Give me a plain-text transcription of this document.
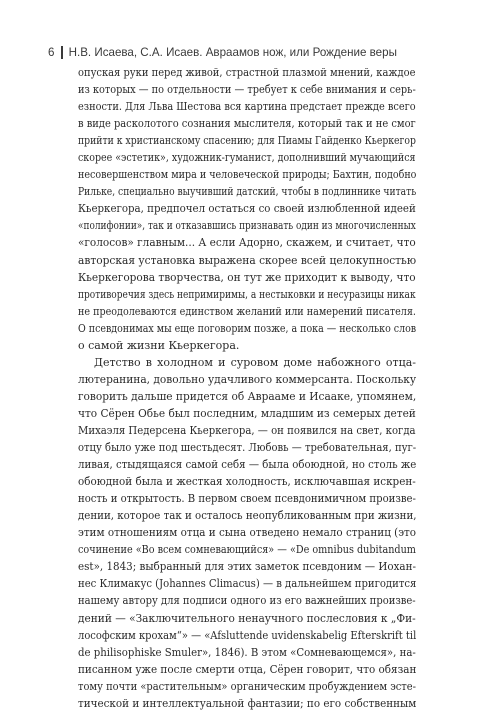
6	Н.В. Исаева, С.А. Исаев. Авраамов нож, или Рождение веры
опуская руки перед живой, страстной плазмой мнений, каждое
из которых — по отдельности — требует к себе внимания и серь-
езности. Для Льва Шестова вся картина предстает прежде всего
в виде расколотого сознания мыслителя, который так и не смог
прийти к христианскому спасению; для Пиамы Гайденко Кьеркегор
скорее «эстетик», художник-гуманист, дополнивший мучающийся
несовершенством мира и человеческой природы; Бахтин, подобно
Рильке, специально выучивший датский, чтобы в подлиннике читать
Кьеркегора, предпочел остаться со своей излюбленной идеей
«полифонии», так и отказавшись признавать один из многочисленных
«голосов» главным... А если Адорно, скажем, и считает, что
авторская установка выражена скорее всей целокупностью
Кьеркегорова творчества, он тут же приходит к выводу, что
противоречия здесь непримиримы, а нестыковки и несуразицы никак
не преодолеваются единством желаний или намерений писателя.
О псевдонимах мы еще поговорим позже, а пока — несколько слов
о самой жизни Кьеркегора.
Детство в холодном и суровом доме набожного отца-
лютеранина, довольно удачливого коммерсанта. Поскольку
говорить дальше придется об Аврааме и Исааке, упомянем,
что Сёрен Обье был последним, младшим из семерых детей
Михаэля Педерсена Кьеркегора, — он появился на свет, когда
отцу было уже под шестьдесят. Любовь — требовательная, пуг-
ливая, стыдящаяся самой себя — была обоюдной, но столь же
обоюдной была и жесткая холодность, исключавшая искрен-
ность и открытость. В первом своем псевдонимичном произве-
дении, которое так и осталось неопубликованным при жизни,
этим отношениям отца и сына отведено немало страниц (это
сочинение «Во всем сомневающийся» — «De omnibus dubitandum
est», 1843; выбранный для этих заметок псевдоним — Иохан-
нес Климакус (Johannes Climacus) — в дальнейшем пригодится
нашему автору для подписи одного из его важнейших произве-
дений — «Заключительного ненаучного послесловия к „Фи-
лософским крохам“» — «Afsluttende uvidenskabelig Efterskrift til
de philisophiske Smuler», 1846). В этом «Сомневающемся», на-
писанном уже после смерти отца, Сёрен говорит, что обязан
тому почти «растительным» органическим пробуждением эсте-
тической и интеллектуальной фантазии; по его собственным
